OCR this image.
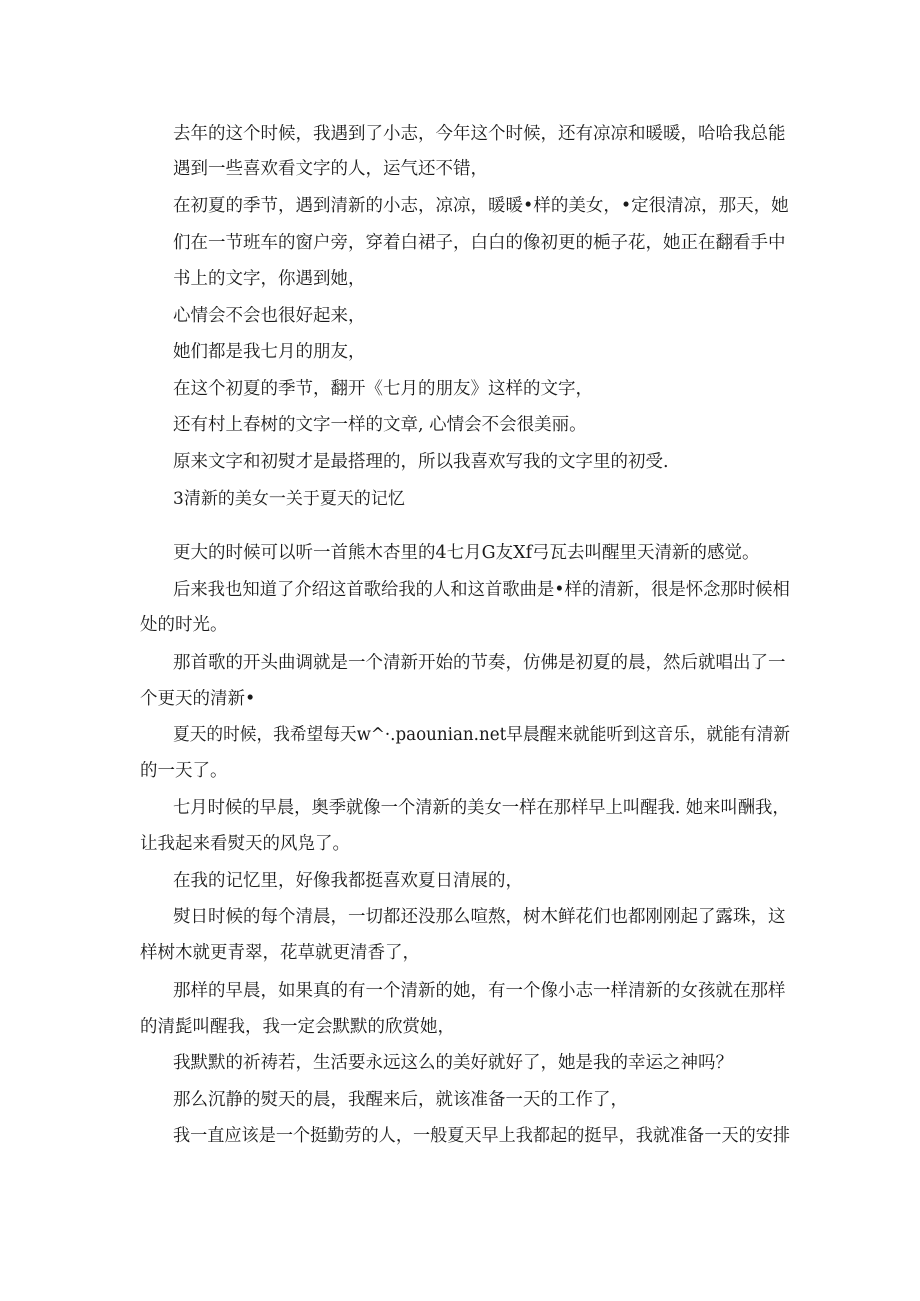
去年的这个时候，我遇到了小志，今年这个时候，还有凉凉和暖暖，哈哈我总能

遇到一些喜欢看文字的人，运气还不错，

在初夏的季节，遇到清新的小志，凉凉，暖暖•样的美女，•定很清凉，那天，她

们在一节班车的窗户旁，穿着白裙子，白白的像初更的梔子花，她正在翻看手中

书上的文字，你遇到她，

心情会不会也很好起来，

她们都是我七月的朋友，

在这个初夏的季节，翻开《七月的朋友》这样的文字，

还有村上春树的文字一样的文章, 心情会不会很美丽。

原来文字和初熨才是最搭理的，所以我喜欢写我的文字里的初受.

3清新的美女一关于夏天的记忆

更大的时候可以听一首熊木杏里的4七月G友Xf弓瓦去叫醒里天清新的感觉。

后来我也知道了介绍这首歌给我的人和这首歌曲是•样的清新，很是怀念那时候相

处的时光。

那首歌的开头曲调就是一个清新开始的节奏，仿佛是初夏的晨，然后就唱出了一

个更天的清新•

夏天的时候，我希望每天w^·.paounian.net早晨醒来就能听到这音乐，就能有清新

的一天了。

七月时候的早晨，奥季就像一个清新的美女一样在那样早上叫醒我. 她来叫酬我，

让我起来看熨天的风凫了。

在我的记忆里，好像我都挺喜欢夏日清展的，

熨日时候的每个清晨，一切都还没那么喧熬，树木鲜花们也都刚刚起了露珠，这

样树木就更青翠，花草就更清香了，

那样的早晨，如果真的有一个清新的她，有一个像小志一样清新的女孩就在那样

的清髭叫醒我，我一定会默默的欣赏她，

我默默的祈祷若，生活要永远这么的美好就好了，她是我的幸运之神吗？

那么沉静的熨天的晨，我醒来后，就该准备一天的工作了，

我一直应该是一个挺勤劳的人，一般夏天早上我都起的挺早，我就准备一天的安排
